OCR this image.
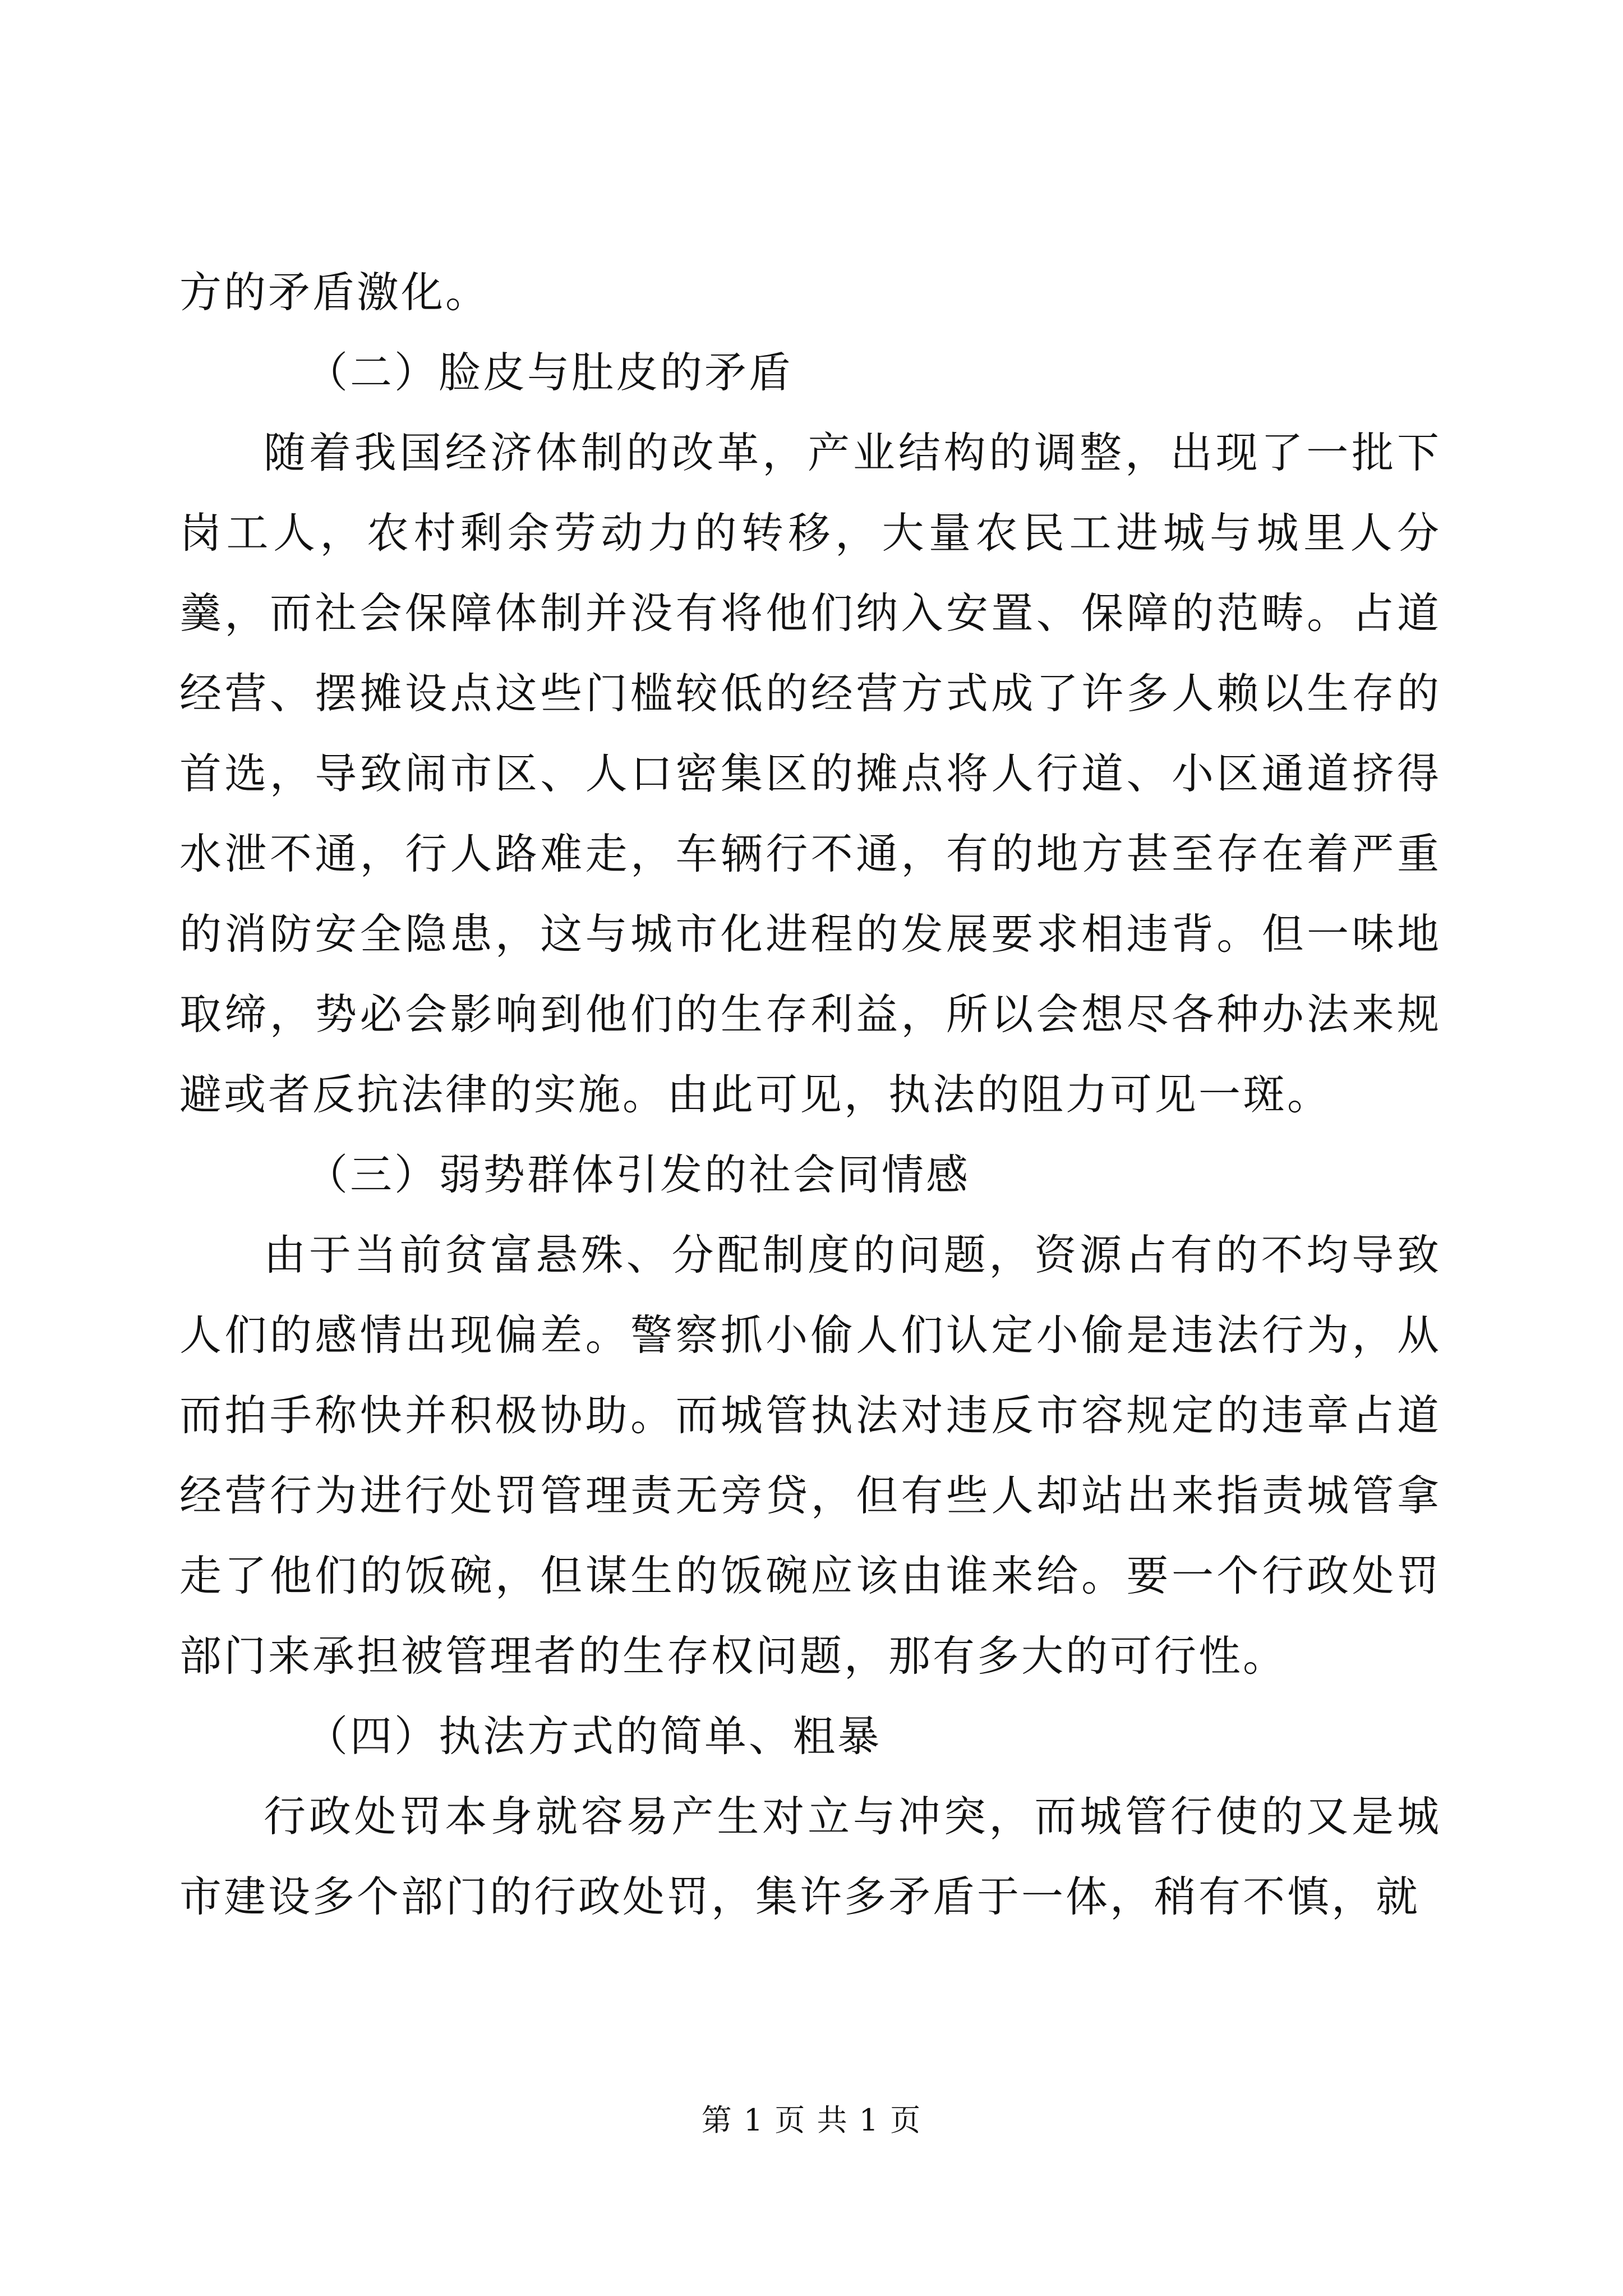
方的矛盾激化。

（二）脸皮与肚皮的矛盾

随着我国经济体制的改革，产业结构的调整，出现了一批下岗工人，农村剩余劳动力的转移，大量农民工进城与城里人分羹，而社会保障体制并没有将他们纳入安置、保障的范畴。占道经营、摆摊设点这些门槛较低的经营方式成了许多人赖以生存的首选，导致闹市区、人口密集区的摊点将人行道、小区通道挤得水泄不通，行人路难走，车辆行不通，有的地方甚至存在着严重的消防安全隐患，这与城市化进程的发展要求相违背。但一味地取缔，势必会影响到他们的生存利益，所以会想尽各种办法来规避或者反抗法律的实施。由此可见，执法的阻力可见一斑。

（三）弱势群体引发的社会同情感

由于当前贫富悬殊、分配制度的问题，资源占有的不均导致人们的感情出现偏差。警察抓小偷人们认定小偷是违法行为，从而拍手称快并积极协助。而城管执法对违反市容规定的违章占道经营行为进行处罚管理责无旁贷，但有些人却站出来指责城管拿走了他们的饭碗，但谋生的饭碗应该由谁来给。要一个行政处罚部门来承担被管理者的生存权问题，那有多大的可行性。

（四）执法方式的简单、粗暴

行政处罚本身就容易产生对立与冲突，而城管行使的又是城市建设多个部门的行政处罚，集许多矛盾于一体，稍有不慎，就

第 1 页 共 1 页
